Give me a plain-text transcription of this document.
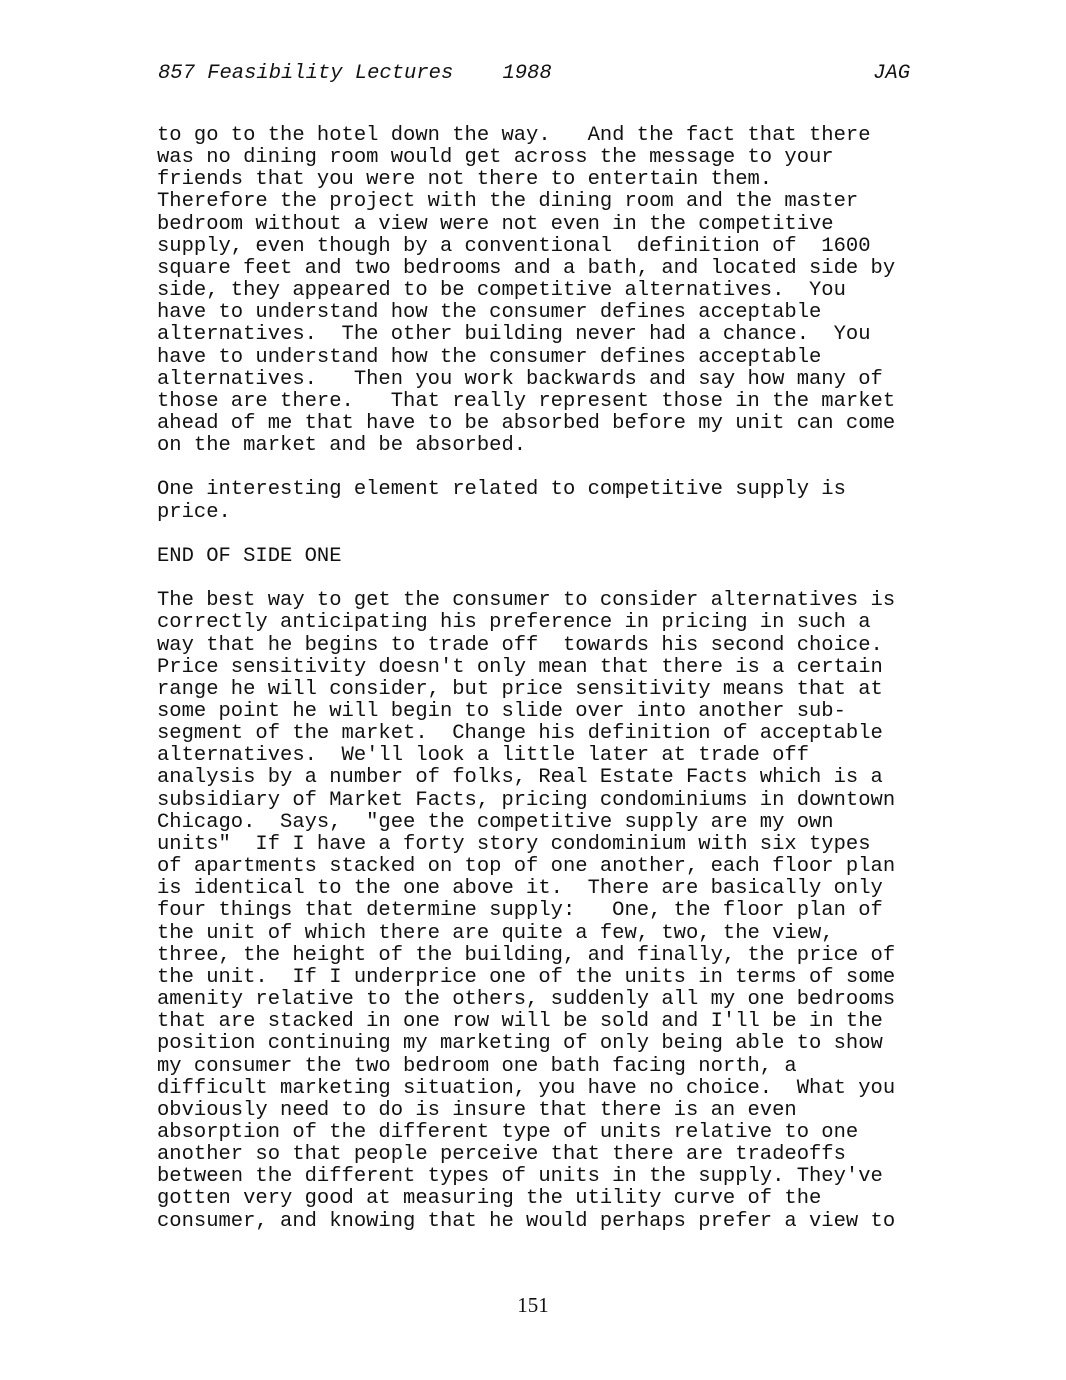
857 Feasibility Lectures    1988	JAG

to go to the hotel down the way.   And the fact that there
was no dining room would get across the message to your
friends that you were not there to entertain them.
Therefore the project with the dining room and the master
bedroom without a view were not even in the competitive
supply, even though by a conventional  definition of  1600
square feet and two bedrooms and a bath, and located side by
side, they appeared to be competitive alternatives.  You
have to understand how the consumer defines acceptable
alternatives.  The other building never had a chance.  You
have to understand how the consumer defines acceptable
alternatives.   Then you work backwards and say how many of
those are there.   That really represent those in the market
ahead of me that have to be absorbed before my unit can come
on the market and be absorbed.

One interesting element related to competitive supply is
price.

END OF SIDE ONE

The best way to get the consumer to consider alternatives is
correctly anticipating his preference in pricing in such a
way that he begins to trade off  towards his second choice.
Price sensitivity doesn't only mean that there is a certain
range he will consider, but price sensitivity means that at
some point he will begin to slide over into another sub-
segment of the market.  Change his definition of acceptable
alternatives.  We'll look a little later at trade off
analysis by a number of folks, Real Estate Facts which is a
subsidiary of Market Facts, pricing condominiums in downtown
Chicago.  Says,  "gee the competitive supply are my own
units"  If I have a forty story condominium with six types
of apartments stacked on top of one another, each floor plan
is identical to the one above it.  There are basically only
four things that determine supply:   One, the floor plan of
the unit of which there are quite a few, two, the view,
three, the height of the building, and finally, the price of
the unit.  If I underprice one of the units in terms of some
amenity relative to the others, suddenly all my one bedrooms
that are stacked in one row will be sold and I'll be in the
position continuing my marketing of only being able to show
my consumer the two bedroom one bath facing north, a
difficult marketing situation, you have no choice.  What you
obviously need to do is insure that there is an even
absorption of the different type of units relative to one
another so that people perceive that there are tradeoffs
between the different types of units in the supply. They've
gotten very good at measuring the utility curve of the
consumer, and knowing that he would perhaps prefer a view to

151
